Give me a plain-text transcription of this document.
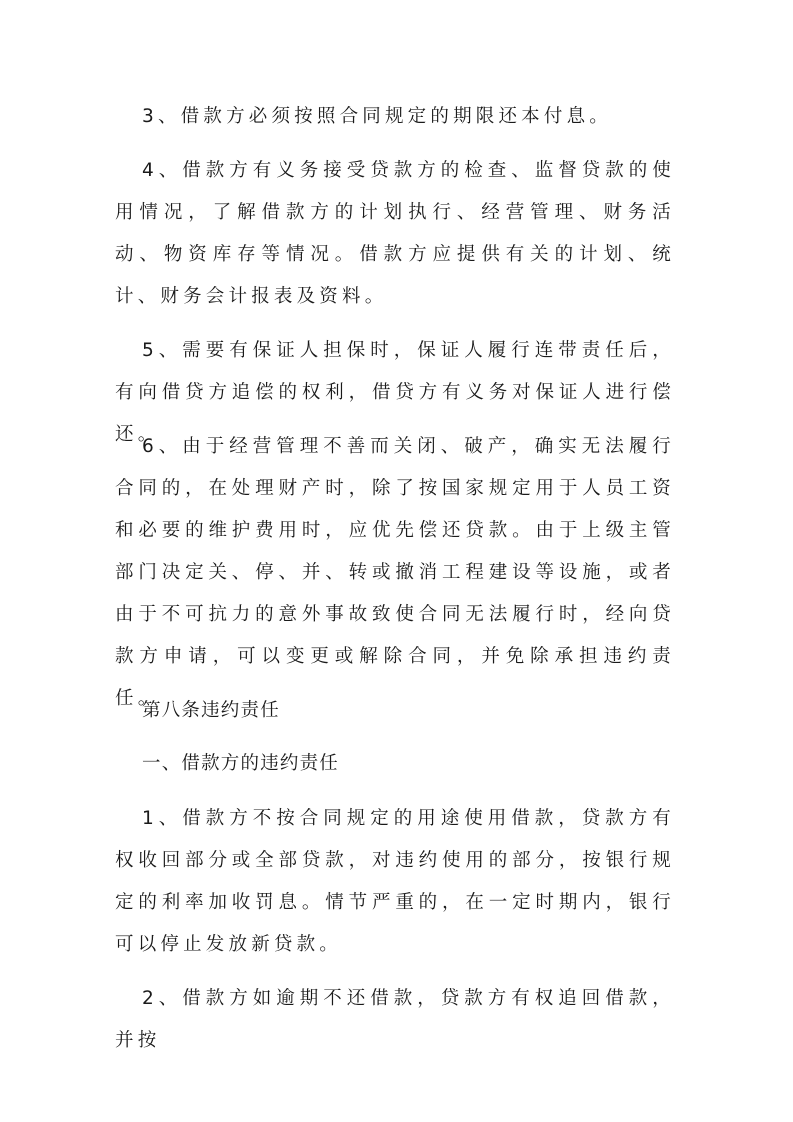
3、借款方必须按照合同规定的期限还本付息。

4、借款方有义务接受贷款方的检查、监督贷款的使用情况，了解借款方的计划执行、经营管理、财务活动、物资库存等情况。借款方应提供有关的计划、统计、财务会计报表及资料。

5、需要有保证人担保时，保证人履行连带责任后，有向借贷方追偿的权利，借贷方有义务对保证人进行偿还。

6、由于经营管理不善而关闭、破产，确实无法履行合同的，在处理财产时，除了按国家规定用于人员工资和必要的维护费用时，应优先偿还贷款。由于上级主管部门决定关、停、并、转或撤消工程建设等设施，或者由于不可抗力的意外事故致使合同无法履行时，经向贷款方申请，可以变更或解除合同，并免除承担违约责任。

第八条违约责任

一、借款方的违约责任

1、借款方不按合同规定的用途使用借款，贷款方有权收回部分或全部贷款，对违约使用的部分，按银行规定的利率加收罚息。情节严重的，在一定时期内，银行可以停止发放新贷款。

2、借款方如逾期不还借款，贷款方有权追回借款，并按
